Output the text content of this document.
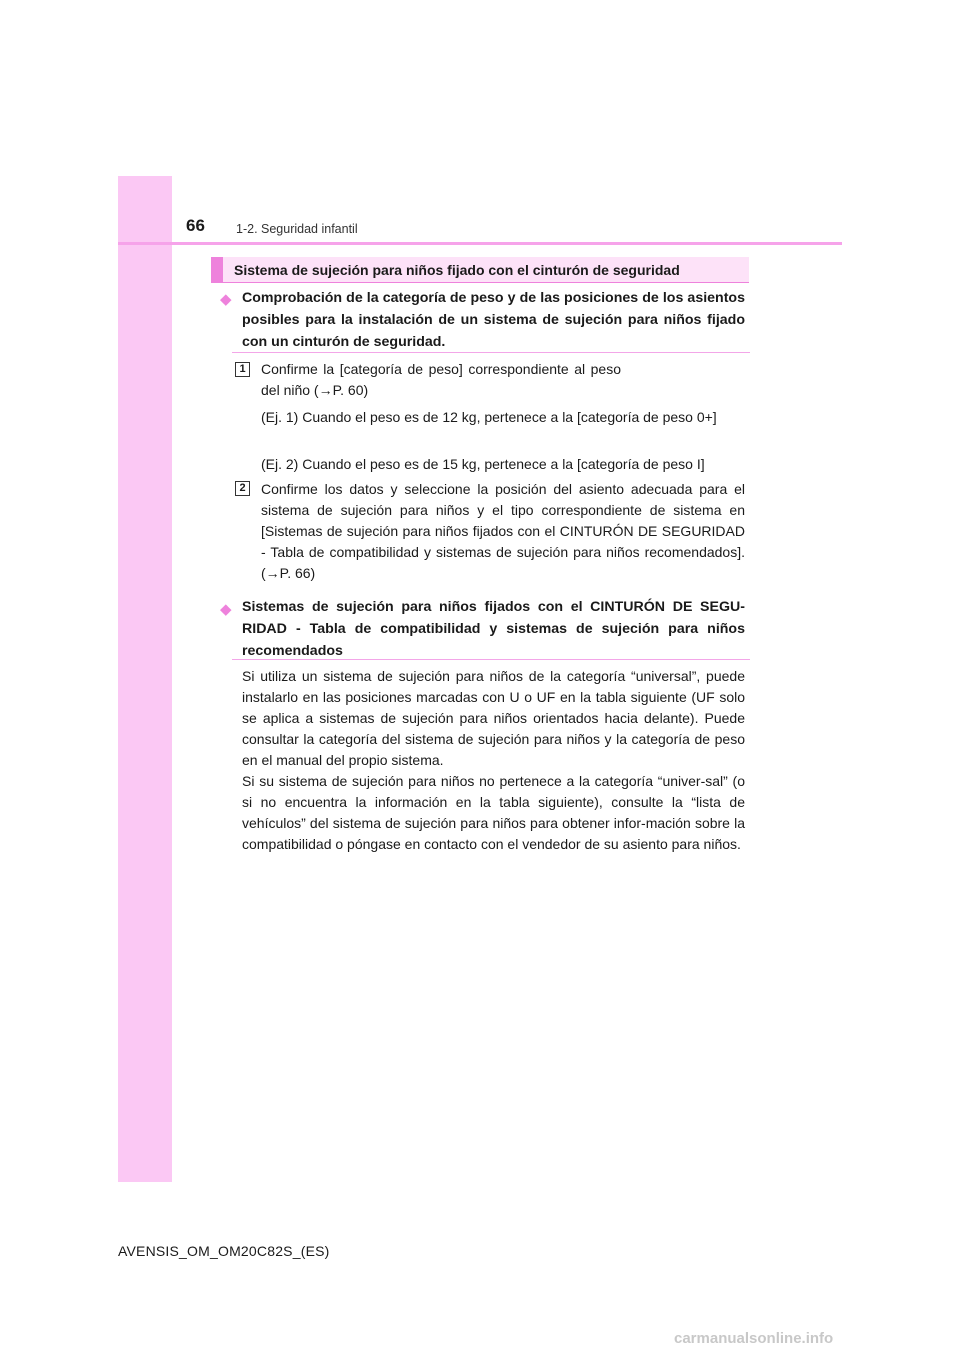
66 1-2. Seguridad infantil
Sistema de sujeción para niños fijado con el cinturón de seguridad
◆ Comprobación de la categoría de peso y de las posiciones de los asientos posibles para la instalación de un sistema de sujeción para niños fijado con un cinturón de seguridad.
1	Confirme la [categoría de peso] correspondiente al peso del niño (→P. 60)
(Ej. 1) Cuando el peso es de 12 kg, pertenece a la [categoría de peso 0+]
(Ej. 2) Cuando el peso es de 15 kg, pertenece a la [categoría de peso I]
2	Confirme los datos y seleccione la posición del asiento adecuada para el sistema de sujeción para niños y el tipo correspondiente de sistema en [Sistemas de sujeción para niños fijados con el CINTURÓN DE SEGURIDAD - Tabla de compatibilidad y sistemas de sujeción para niños recomendados]. (→P. 66)
◆ Sistemas de sujeción para niños fijados con el CINTURÓN DE SEGU-RIDAD - Tabla de compatibilidad y sistemas de sujeción para niños recomendados

Si utiliza un sistema de sujeción para niños de la categoría “universal”, puede instalarlo en las posiciones marcadas con U o UF en la tabla siguiente (UF solo se aplica a sistemas de sujeción para niños orientados hacia delante). Puede consultar la categoría del sistema de sujeción para niños y la categoría de peso en el manual del propio sistema.

Si su sistema de sujeción para niños no pertenece a la categoría “univer-sal” (o si no encuentra la información en la tabla siguiente), consulte la “lista de vehículos” del sistema de sujeción para niños para obtener infor-mación sobre la compatibilidad o póngase en contacto con el vendedor de su asiento para niños.

AVENSIS_OM_OM20C82S_(ES)
carmanualsonline.info
